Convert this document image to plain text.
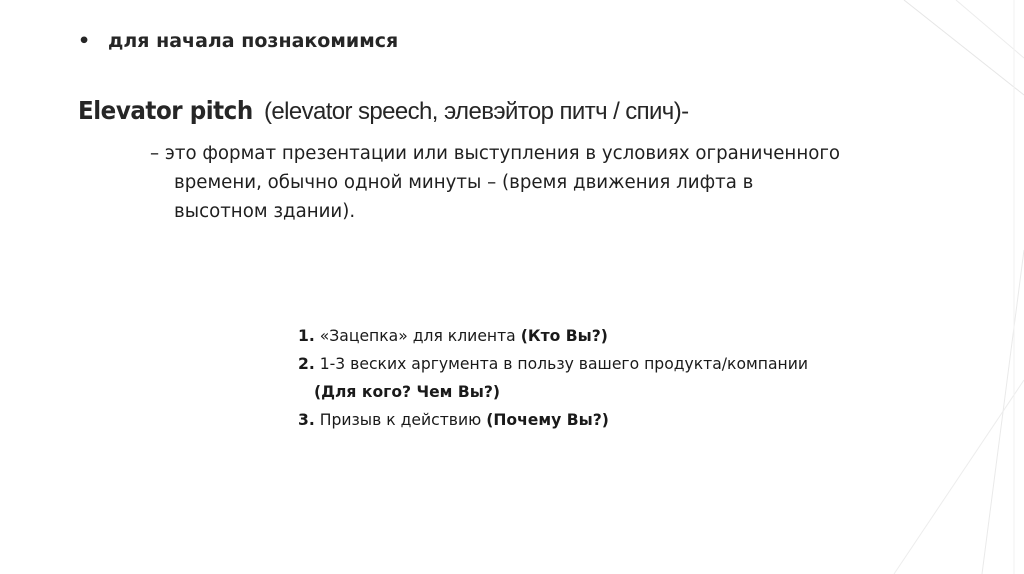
• для начала познакомимся
Elevator pitch (elevator speech, элевэйтор питч / спич)-
– это формат презентации или выступления в условиях ограниченного
времени, обычно одной минуты – (время движения лифта в
высотном здании).
1. «Зацепка» для клиента (Кто Вы?)
2. 1-3 веских аргумента в пользу вашего продукта/компании
(Для кого? Чем Вы?)
3. Призыв к действию (Почему Вы?)
